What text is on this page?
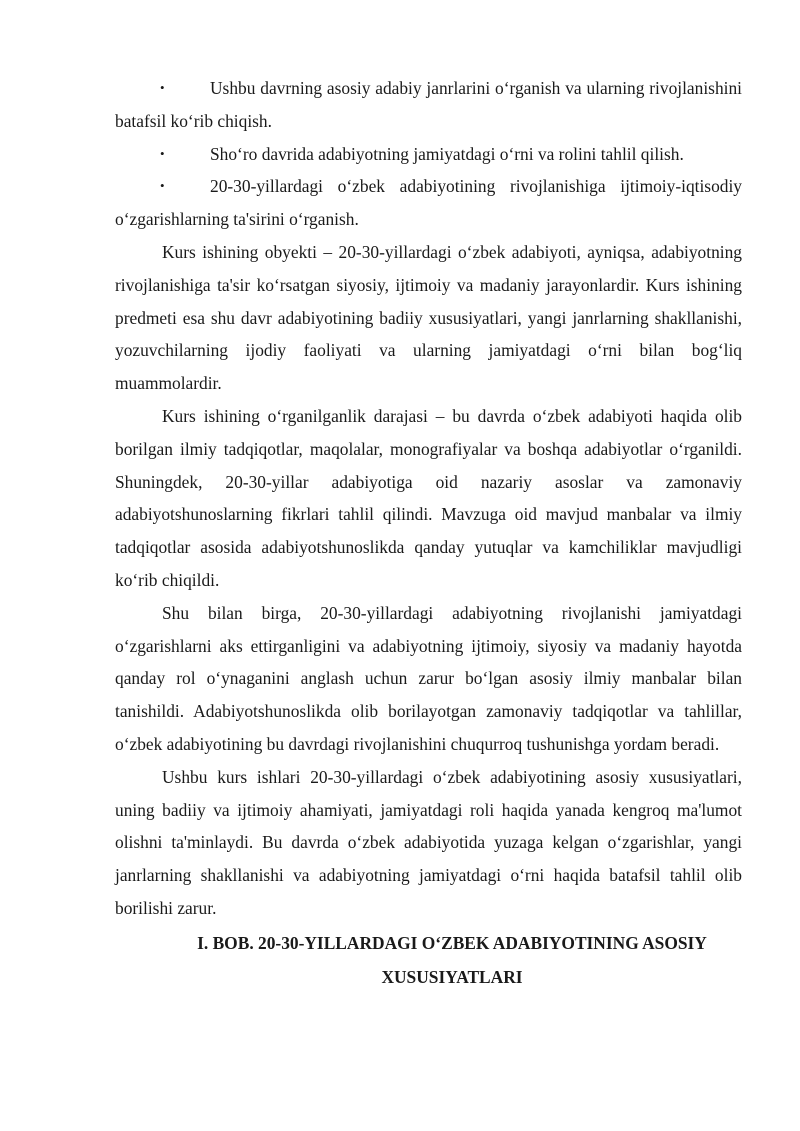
•	Ushbu davrning asosiy adabiy janrlarini o‘rganish va ularning rivojlanishini batafsil ko‘rib chiqish.
•	Sho‘ro davrida adabiyotning jamiyatdagi o‘rni va rolini tahlil qilish.
•	20-30-yillardagi o‘zbek adabiyotining rivojlanishiga ijtimoiy-iqtisodiy o‘zgarishlarning ta'sirini o‘rganish.

Kurs ishining obyekti – 20-30-yillardagi o‘zbek adabiyoti, ayniqsa, adabiyotning rivojlanishiga ta'sir ko‘rsatgan siyosiy, ijtimoiy va madaniy jarayonlardir. Kurs ishining predmeti esa shu davr adabiyotining badiiy xususiyatlari, yangi janrlarning shakllanishi, yozuvchilarning ijodiy faoliyati va ularning jamiyatdagi o‘rni bilan bog‘liq muammolardir.

Kurs ishining o‘rganilganlik darajasi – bu davrda o‘zbek adabiyoti haqida olib borilgan ilmiy tadqiqotlar, maqolalar, monografiyalar va boshqa adabiyotlar o‘rganildi. Shuningdek, 20-30-yillar adabiyotiga oid nazariy asoslar va zamonaviy adabiyotshunoslarning fikrlari tahlil qilindi. Mavzuga oid mavjud manbalar va ilmiy tadqiqotlar asosida adabiyotshunoslikda qanday yutuqlar va kamchiliklar mavjudligi ko‘rib chiqildi.

Shu bilan birga, 20-30-yillardagi adabiyotning rivojlanishi jamiyatdagi o‘zgarishlarni aks ettirganligini va adabiyotning ijtimoiy, siyosiy va madaniy hayotda qanday rol o‘ynaganini anglash uchun zarur bo‘lgan asosiy ilmiy manbalar bilan tanishildi. Adabiyotshunoslikda olib borilayotgan zamonaviy tadqiqotlar va tahlillar, o‘zbek adabiyotining bu davrdagi rivojlanishini chuqurroq tushunishga yordam beradi.

Ushbu kurs ishlari 20-30-yillardagi o‘zbek adabiyotining asosiy xususiyatlari, uning badiiy va ijtimoiy ahamiyati, jamiyatdagi roli haqida yanada kengroq ma'lumot olishni ta'minlaydi. Bu davrda o‘zbek adabiyotida yuzaga kelgan o‘zgarishlar, yangi janrlarning shakllanishi va adabiyotning jamiyatdagi o‘rni haqida batafsil tahlil olib borilishi zarur.

I. BOB. 20-30-YILLARDAGI O‘ZBEK ADABIYOTINING ASOSIY XUSUSIYATLARI
